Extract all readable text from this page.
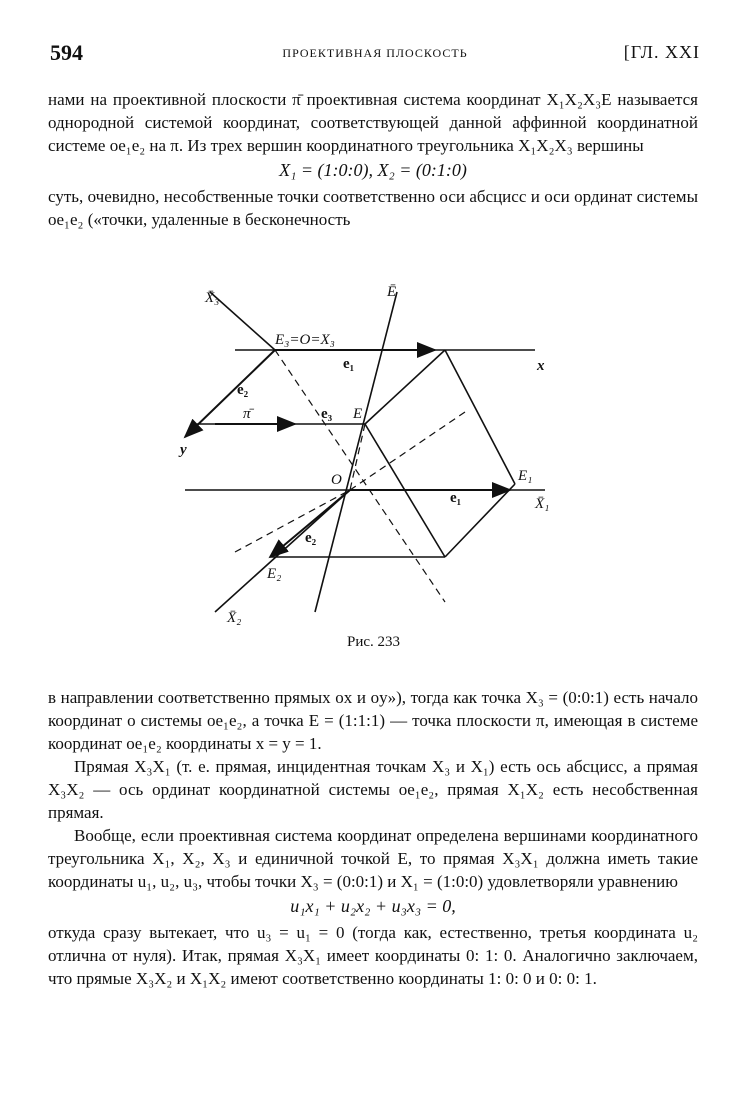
594	ПРОЕКТИВНАЯ ПЛОСКОСТЬ	[ГЛ. XXI

нами на проективной плоскости π̄ проективная система координат X₁X₂X₃E называется однородной системой координат, соответствующей данной аффинной координатной системе oe₁e₂ на π. Из трех вершин координатного треугольника X₁X₂X₃ вершины

X₁ = (1:0:0), X₂ = (0:1:0)

суть, очевидно, несобственные точки соответственно оси абсцисс и оси ординат системы oe₁e₂ («точки, удаленные в бесконечность

X̄₃	Ē
E₃=O=X₃
e₁	x
e₂
π̄	e₃ E
y
O	E₁
e₁	X̄₁
e₂
E₂
X̄₂
Рис. 233

в направлении соответственно прямых ox и oy»), тогда как точка X₃ = (0:0:1) есть начало координат o системы oe₁e₂, а точка E = (1:1:1) — точка плоскости π, имеющая в системе координат oe₁e₂ координаты x = y = 1.

Прямая X₃X₁ (т. е. прямая, инцидентная точкам X₃ и X₁) есть ось абсцисс, а прямая X₃X₂ — ось ординат координатной системы oe₁e₂, прямая X₁X₂ есть несобственная прямая.

Вообще, если проективная система координат определена вершинами координатного треугольника X₁, X₂, X₃ и единичной точкой E, то прямая X₃X₁ должна иметь такие координаты u₁, u₂, u₃, чтобы точки X₃ = (0:0:1) и X₁ = (1:0:0) удовлетворяли уравнению

u₁x₁ + u₂x₂ + u₃x₃ = 0,

откуда сразу вытекает, что u₃ = u₁ = 0 (тогда как, естественно, третья координата u₂ отлична от нуля). Итак, прямая X₃X₁ имеет координаты 0: 1: 0. Аналогично заключаем, что прямые X₃X₂ и X₁X₂ имеют соответственно координаты 1: 0: 0 и 0: 0: 1.
